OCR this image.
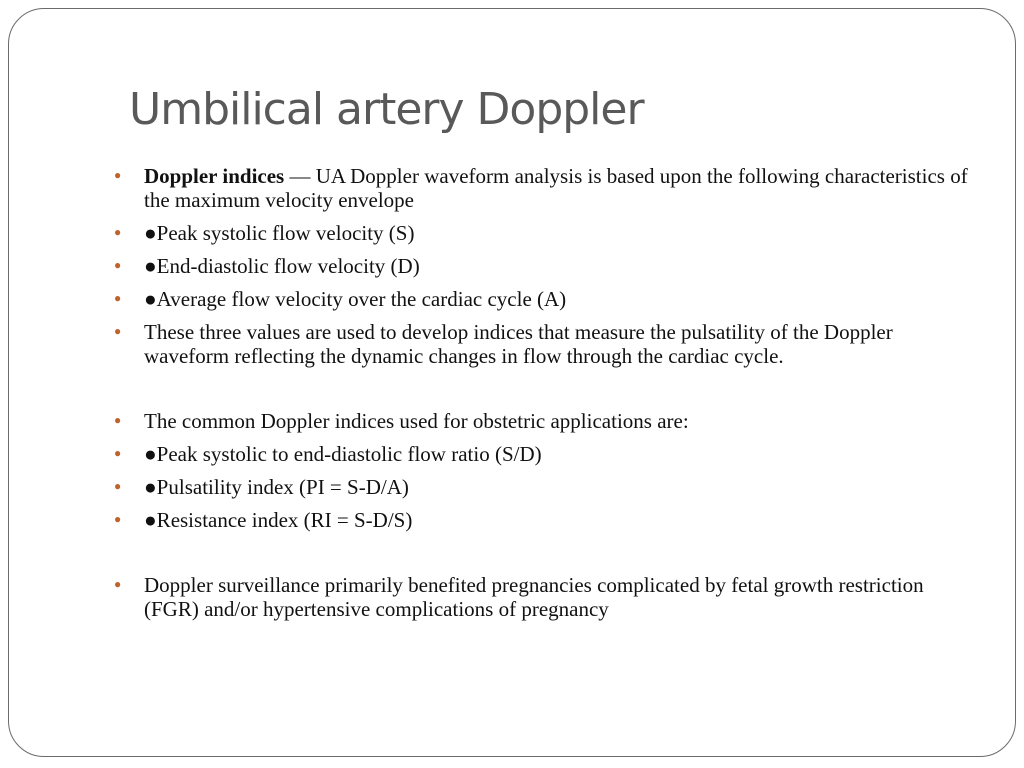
Umbilical artery Doppler
● Doppler indices — UA Doppler waveform analysis is based upon the following characteristics of the maximum velocity envelope
● ●Peak systolic flow velocity (S)
● ●End-diastolic flow velocity (D)
● ●Average flow velocity over the cardiac cycle (A)
● These three values are used to develop indices that measure the pulsatility of the Doppler waveform reflecting the dynamic changes in flow through the cardiac cycle.
● The common Doppler indices used for obstetric applications are:
● ●Peak systolic to end-diastolic flow ratio (S/D)
● ●Pulsatility index (PI = S-D/A)
● ●Resistance index (RI = S-D/S)
● Doppler surveillance primarily benefited pregnancies complicated by fetal growth restriction (FGR) and/or hypertensive complications of pregnancy
